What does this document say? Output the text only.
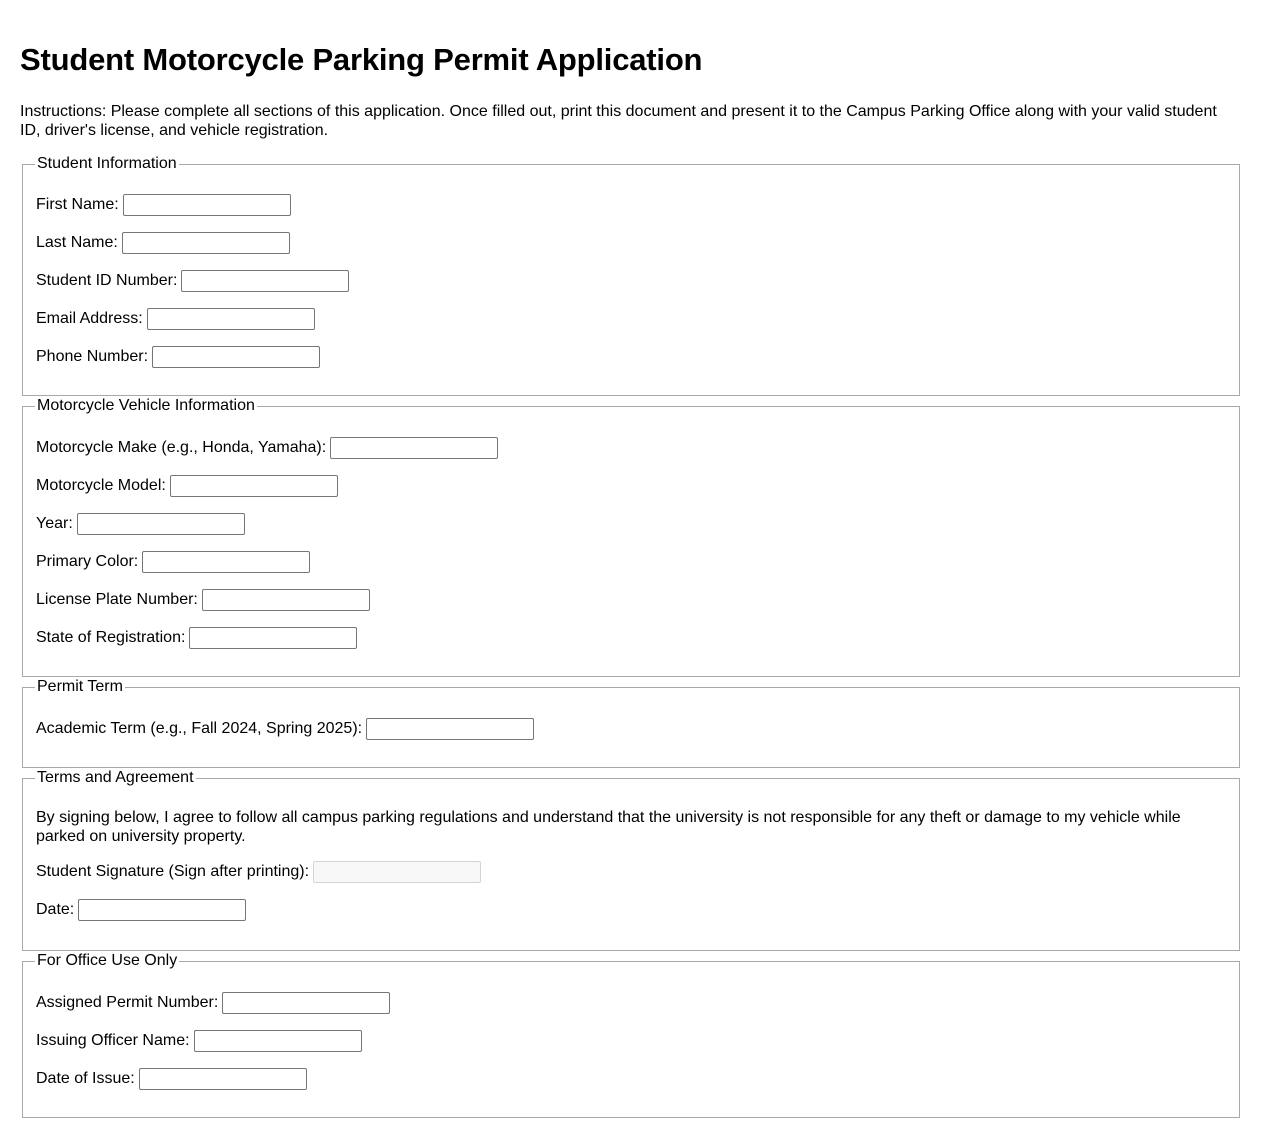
Student Motorcycle Parking Permit Application

Instructions: Please complete all sections of this application. Once filled out, print this document and present it to the Campus Parking Office along with your valid student ID, driver's license, and vehicle registration.

Student Information
First Name:
Last Name:
Student ID Number:
Email Address:
Phone Number:
Motorcycle Vehicle Information
Motorcycle Make (e.g., Honda, Yamaha):
Motorcycle Model:
Year:
Primary Color:
License Plate Number:
State of Registration:
Permit Term
Academic Term (e.g., Fall 2024, Spring 2025):
Terms and Agreement

By signing below, I agree to follow all campus parking regulations and understand that the university is not responsible for any theft or damage to my vehicle while parked on university property.

Student Signature (Sign after printing):
Date:
For Office Use Only
Assigned Permit Number:
Issuing Officer Name:
Date of Issue:
